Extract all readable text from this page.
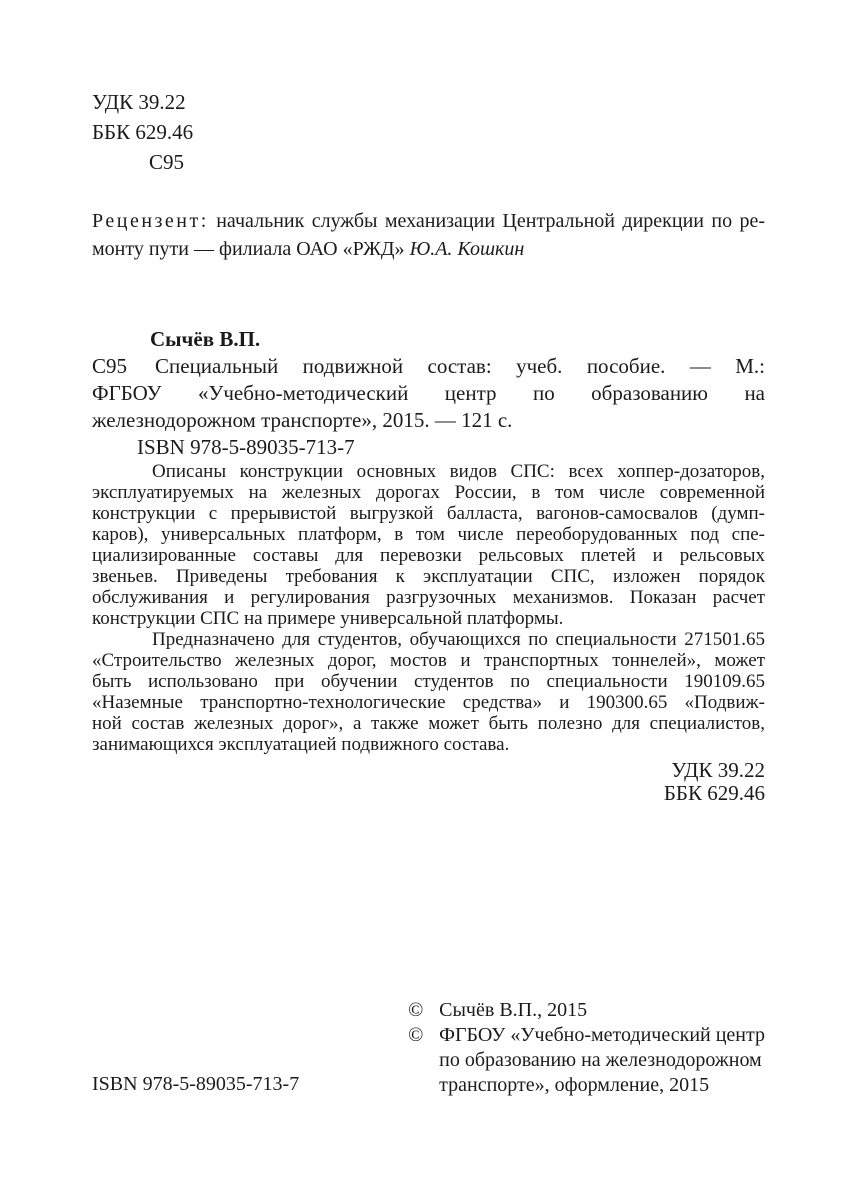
УДК 39.22
ББК 629.46
С95
Рецензент: начальник службы механизации Центральной дирекции по ре-
монту пути — филиала ОАО «РЖД» Ю.А. Кошкин
Сычёв В.П.
С95	Специальный подвижной состав: учеб. пособие. — М.:
ФГБОУ «Учебно-методический центр по образованию на
железнодорожном транспорте», 2015. — 121 с.
ISBN 978-5-89035-713-7
Описаны конструкции основных видов СПС: всех хоппер-дозаторов,
эксплуатируемых на железных дорогах России, в том числе современной
конструкции с прерывистой выгрузкой балласта, вагонов-самосвалов (думп-
каров), универсальных платформ, в том числе переоборудованных под спе-
циализированные составы для перевозки рельсовых плетей и рельсовых
звеньев. Приведены требования к эксплуатации СПС, изложен порядок
обслуживания и регулирования разгрузочных механизмов. Показан расчет
конструкции СПС на примере универсальной платформы.
Предназначено для студентов, обучающихся по специальности 271501.65
«Строительство железных дорог, мостов и транспортных тоннелей», может
быть использовано при обучении студентов по специальности 190109.65
«Наземные транспортно-технологические средства» и 190300.65 «Подвиж-
ной состав железных дорог», а также может быть полезно для специалистов,
занимающихся эксплуатацией подвижного состава.
УДК 39.22
ББК 629.46
ISBN 978-5-89035-713-7
© Сычёв В.П., 2015
© ФГБОУ «Учебно-методический центр
по образованию на железнодорожном
транспорте», оформление, 2015
